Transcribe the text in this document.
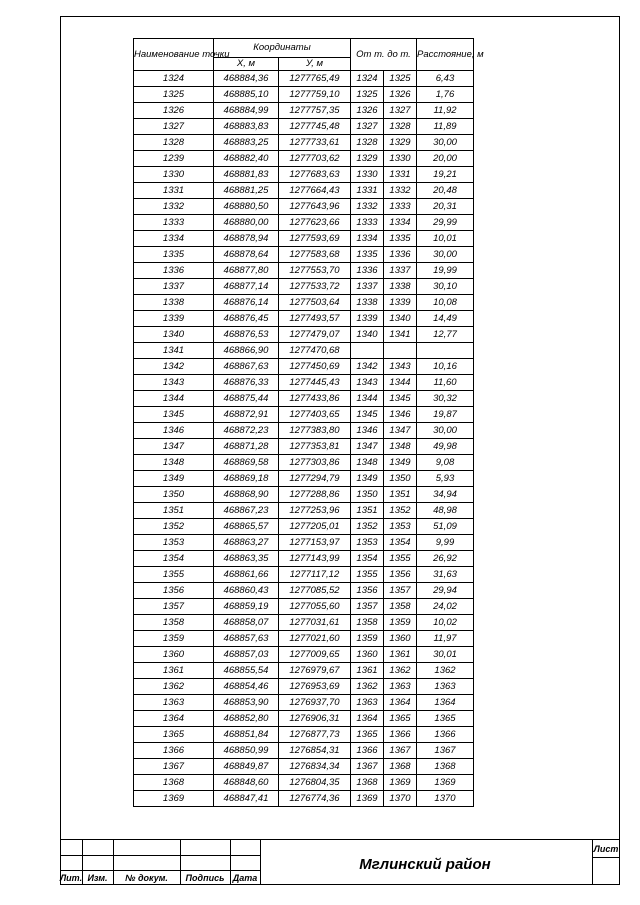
Наименование точки	Координаты		От т. до т.		Расстояние, м
	X, м	У, м			
1324	468884,36	1277765,49	1324	1325	6,43
1325	468885,10	1277759,10	1325	1326	1,76
1326	468884,99	1277757,35	1326	1327	11,92
1327	468883,83	1277745,48	1327	1328	11,89
1328	468883,25	1277733,61	1328	1329	30,00
1239	468882,40	1277703,62	1329	1330	20,00
1330	468881,83	1277683,63	1330	1331	19,21
1331	468881,25	1277664,43	1331	1332	20,48
1332	468880,50	1277643,96	1332	1333	20,31
1333	468880,00	1277623,66	1333	1334	29,99
1334	468878,94	1277593,69	1334	1335	10,01
1335	468878,64	1277583,68	1335	1336	30,00
1336	468877,80	1277553,70	1336	1337	19,99
1337	468877,14	1277533,72	1337	1338	30,10
1338	468876,14	1277503,64	1338	1339	10,08
1339	468876,45	1277493,57	1339	1340	14,49
1340	468876,53	1277479,07	1340	1341	12,77
1341	468866,90	1277470,68			
1342	468867,63	1277450,69	1342	1343	10,16
1343	468876,33	1277445,43	1343	1344	11,60
1344	468875,44	1277433,86	1344	1345	30,32
1345	468872,91	1277403,65	1345	1346	19,87
1346	468872,23	1277383,80	1346	1347	30,00
1347	468871,28	1277353,81	1347	1348	49,98
1348	468869,58	1277303,86	1348	1349	9,08
1349	468869,18	1277294,79	1349	1350	5,93
1350	468868,90	1277288,86	1350	1351	34,94
1351	468867,23	1277253,96	1351	1352	48,98
1352	468865,57	1277205,01	1352	1353	51,09
1353	468863,27	1277153,97	1353	1354	9,99
1354	468863,35	1277143,99	1354	1355	26,92
1355	468861,66	1277117,12	1355	1356	31,63
1356	468860,43	1277085,52	1356	1357	29,94
1357	468859,19	1277055,60	1357	1358	24,02
1358	468858,07	1277031,61	1358	1359	10,02
1359	468857,63	1277021,60	1359	1360	11,97
1360	468857,03	1277009,65	1360	1361	30,01
1361	468855,54	1276979,67	1361	1362	1362
1362	468854,46	1276953,69	1362	1363	1363
1363	468853,90	1276937,70	1363	1364	1364
1364	468852,80	1276906,31	1364	1365	1365
1365	468851,84	1276877,73	1365	1366	1366
1366	468850,99	1276854,31	1366	1367	1367
1367	468849,87	1276834,34	1367	1368	1368
1368	468848,60	1276804,35	1368	1369	1369
1369	468847,41	1276774,36	1369	1370	1370
Лит. Изм.	№ докум.	Подпись Дата
Мглинский район
Лист
